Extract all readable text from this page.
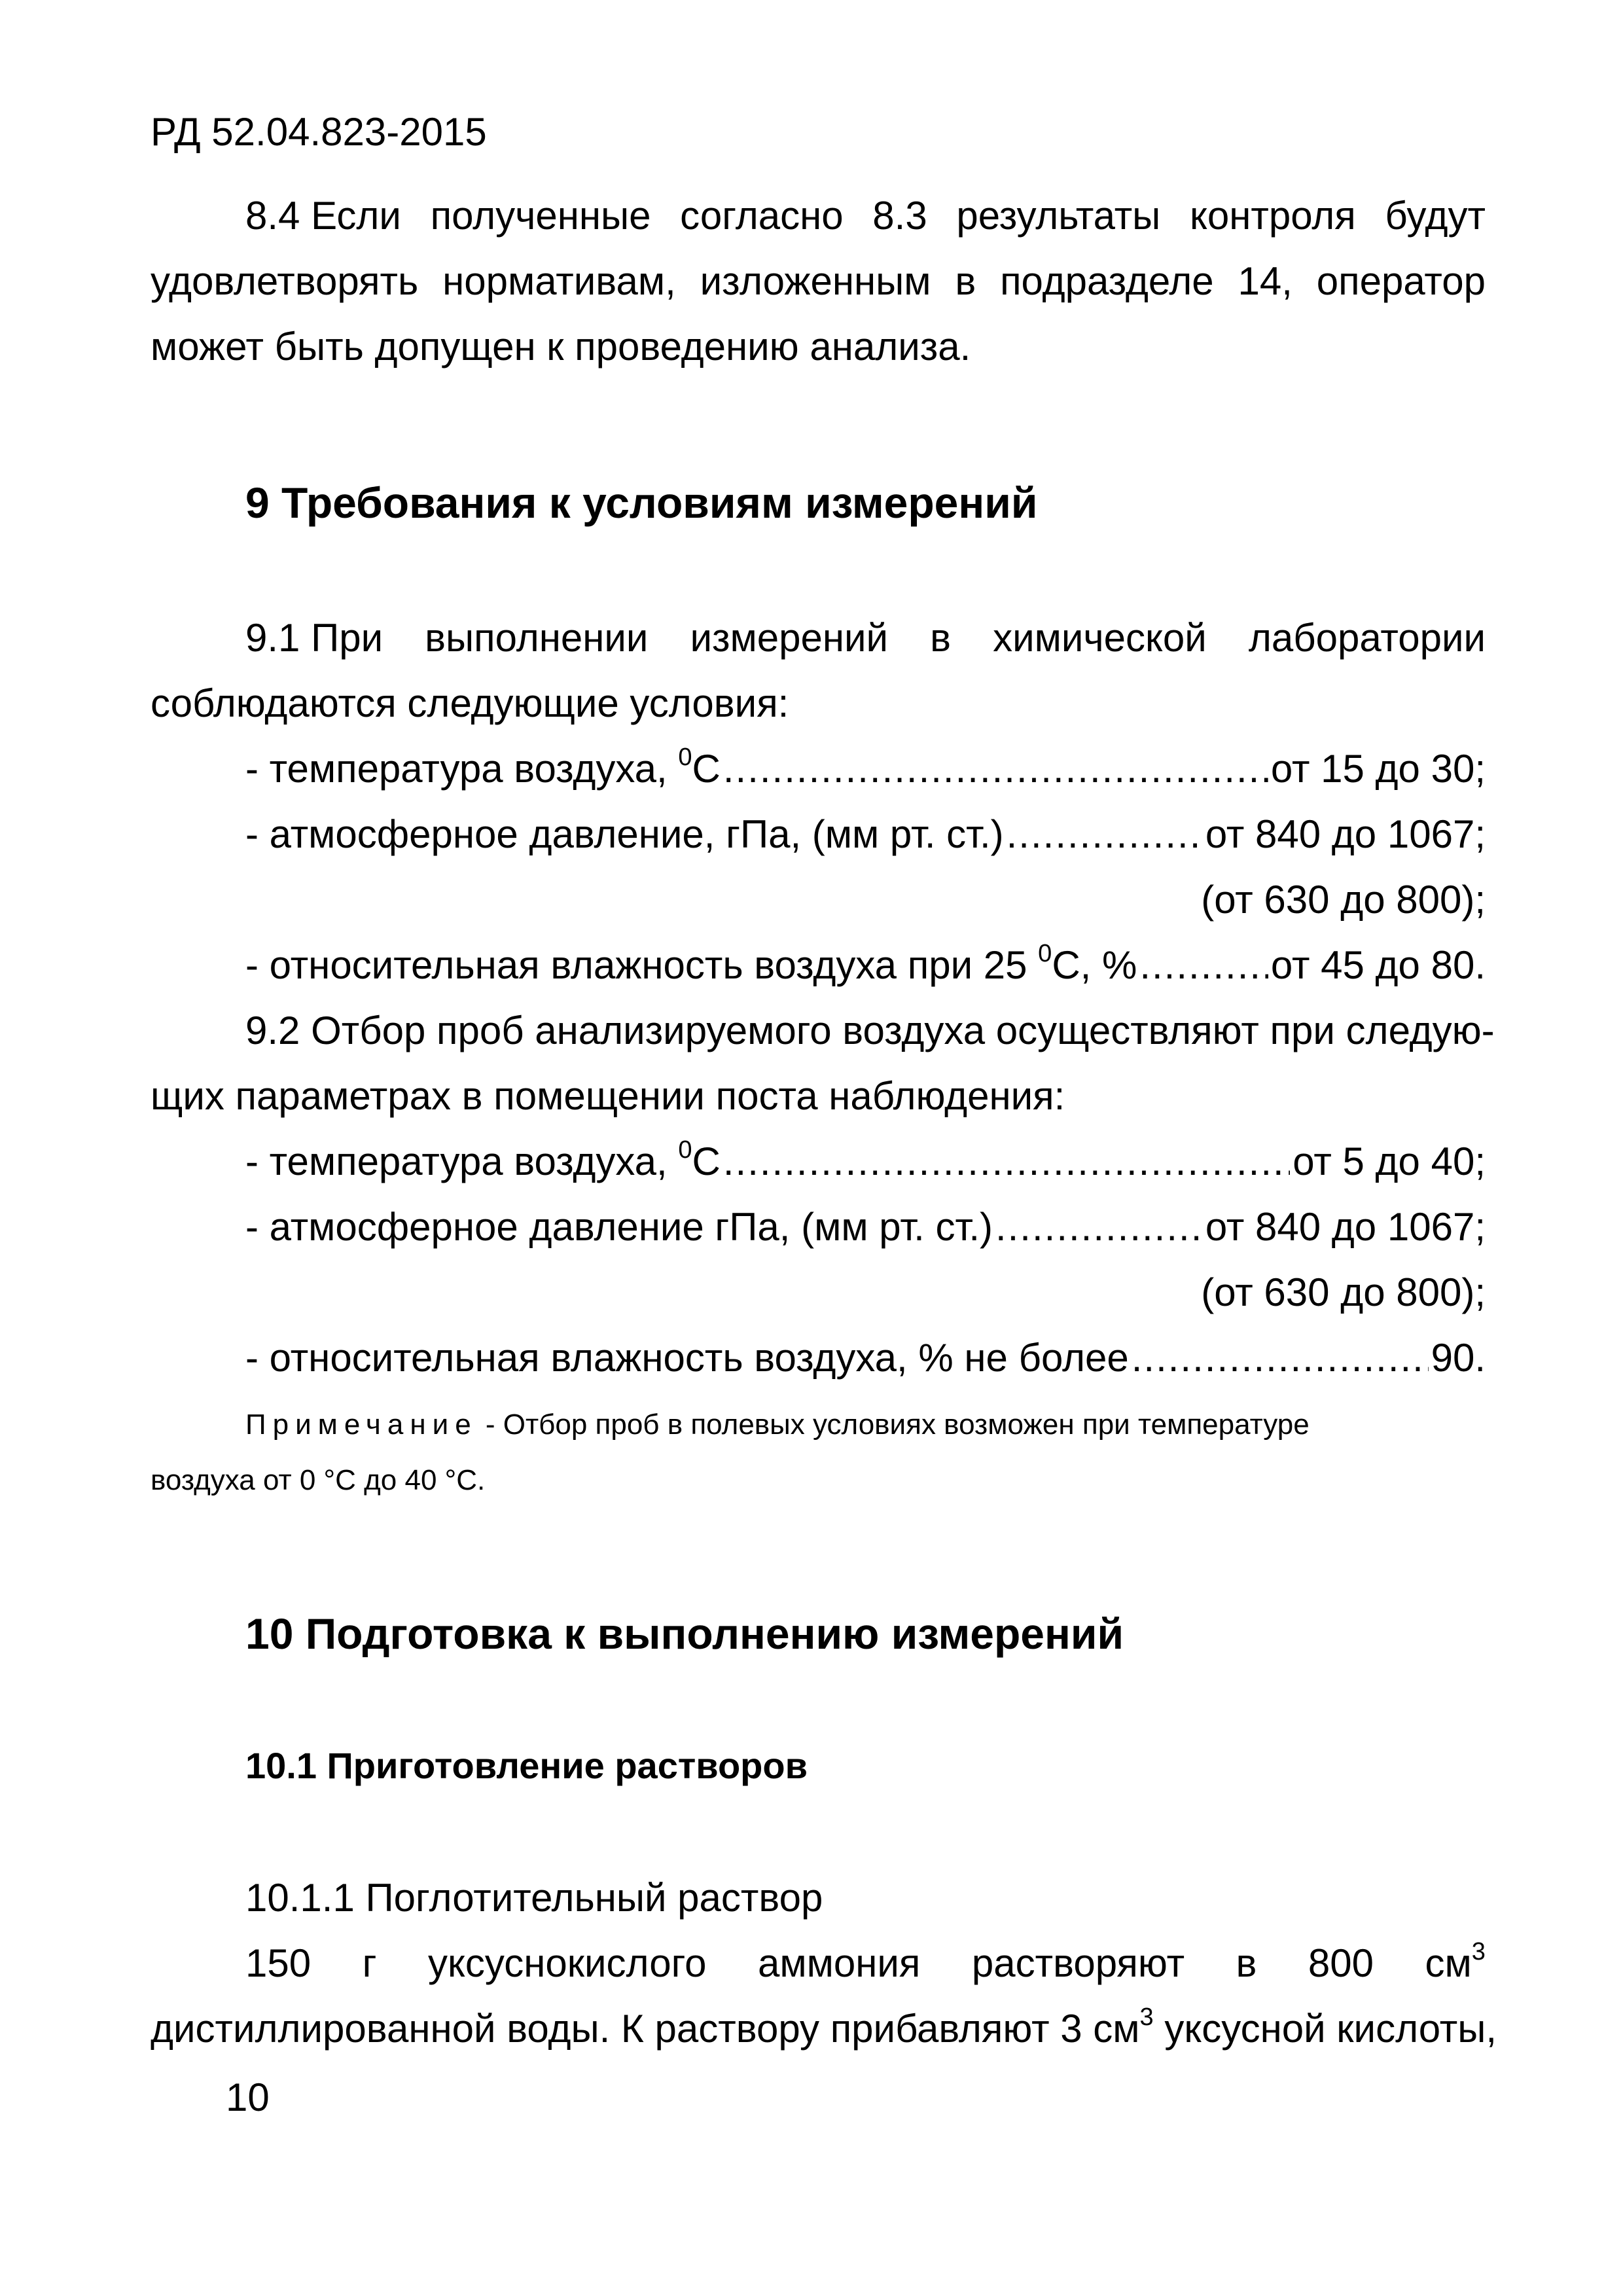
РД 52.04.823-2015
8.4 Если полученные согласно 8.3 результаты контроля будут
удовлетворять нормативам, изложенным в подразделе 14, оператор
может быть допущен к проведению анализа.
9 Требования к условиям измерений
9.1 При выполнении измерений в химической лаборатории
соблюдаются следующие условия:
- температура воздуха, $^0$С .....	от 15 до 30;
- атмосферное давление, гПа, (мм рт. ст.) .....	от 840 до 1067;
(от 630 до 800);
- относительная влажность воздуха при 25 $^0$С, % .....	от 45 до 80.
9.2 Отбор проб анализируемого воздуха осуществляют при следую-
щих параметрах в помещении поста наблюдения:
- температура воздуха, $^0$С .....	от 5 до 40;
- атмосферное давление гПа, (мм рт. ст.) .....	от 840 до 1067;
(от 630 до 800);
- относительная влажность воздуха, % не более .....	90.
Примечание - Отбор проб в полевых условиях возможен при температуре
воздуха от 0 °С до 40 °С.
10 Подготовка к выполнению измерений
10.1 Приготовление растворов
10.1.1 Поглотительный раствор
150 г уксуснокислого аммония растворяют в 800 $см^3$
дистиллированной воды. К раствору прибавляют 3 $см^3$ уксусной кислоты,
10
